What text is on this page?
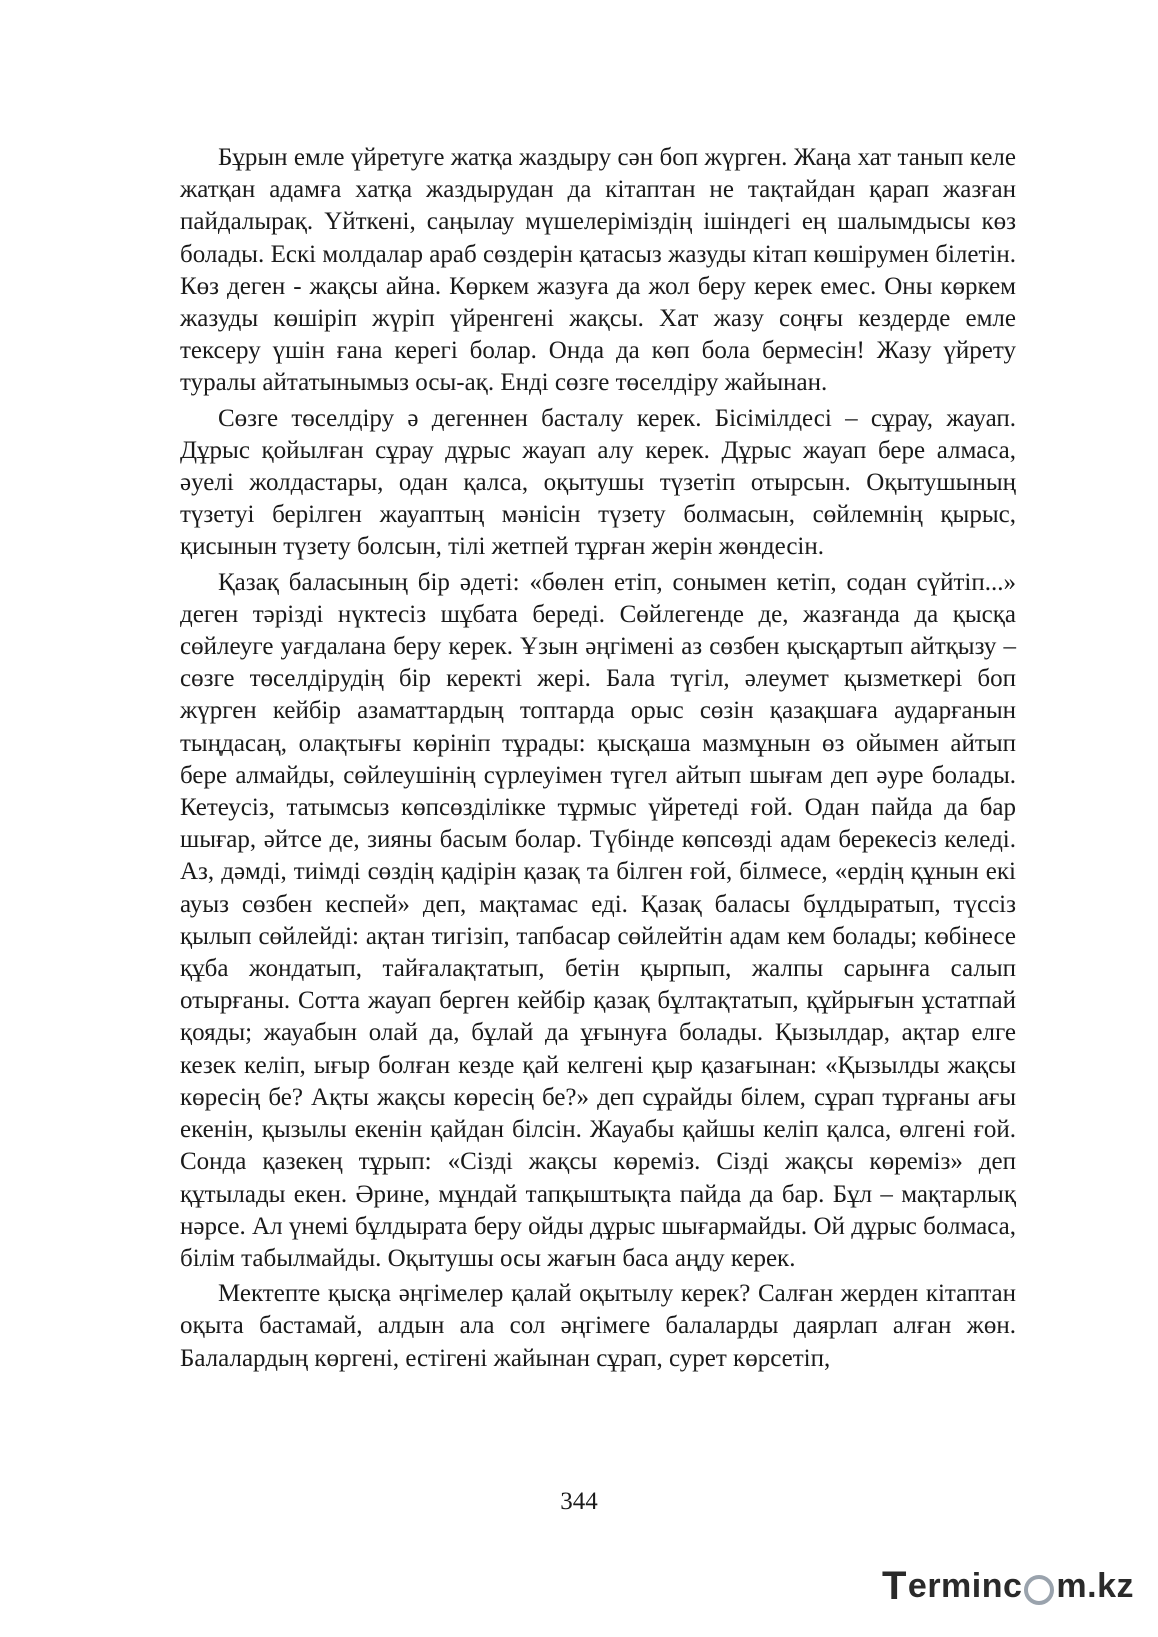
Бұрын емле үйретуге жатқа жаздыру сән боп жүрген. Жаңа хат танып келе жатқан адамға хатқа жаздырудан да кітаптан не тақтайдан қарап жазған пайдалырақ. Үйткені, саңылау мүшелеріміздің ішіндегі ең шалымдысы көз болады. Ескі молдалар араб сөздерін қатасыз жазуды кітап көшірумен білетін. Көз деген - жақсы айна. Көркем жазуға да жол беру керек емес. Оны көркем жазуды көшіріп жүріп үйренгені жақсы. Хат жазу соңғы кездерде емле тексеру үшін ғана керегі болар. Онда да көп бола бермесін! Жазу үйрету туралы айтатынымыз осы-ақ. Енді сөзге төселдіру жайынан.

Сөзге төселдіру ә дегеннен басталу керек. Бісімілдесі – сұрау, жауап. Дұрыс қойылған сұрау дұрыс жауап алу керек. Дұрыс жауап бере алмаса, әуелі жолдастары, одан қалса, оқытушы түзетіп отырсын. Оқытушының түзетуі берілген жауаптың мәнісін түзету болмасын, сөйлемнің қырыс, қисынын түзету болсын, тілі жетпей тұрған жерін жөндесін.

Қазақ баласының бір әдеті: «бөлен етіп, сонымен кетіп, содан сүйтіп...» деген тәрізді нүктесіз шұбата береді. Сөйлегенде де, жазғанда да қысқа сөйлеуге уағдалана беру керек. Ұзын әңгімені аз сөзбен қысқартып айтқызу – сөзге төселдірудің бір керекті жері. Бала түгіл, әлеумет қызметкері боп жүрген кейбір азаматтардың топтарда орыс сөзін қазақшаға аударғанын тыңдасаң, олақтығы көрініп тұрады: қысқаша мазмұнын өз ойымен айтып бере алмайды, сөйлеушінің сүрлеуімен түгел айтып шығам деп әуре болады. Кетеусіз, татымсыз көпсөзділікке тұрмыс үйретеді ғой. Одан пайда да бар шығар, әйтсе де, зияны басым болар. Түбінде көпсөзді адам берекесіз келеді. Аз, дәмді, тиімді сөздің қадірін қазақ та білген ғой, білмесе, «ердің құнын екі ауыз сөзбен кеспей» деп, мақтамас еді. Қазақ баласы бұлдыратып, түссіз қылып сөйлейді: ақтан тигізіп, тапбасар сөйлейтін адам кем болады; көбінесе құба жондатып, тайғалақтатып, бетін қырпып, жалпы сарынға салып отырғаны. Сотта жауап берген кейбір қазақ бұлтақтатып, құйрығын ұстатпай қояды; жауабын олай да, бұлай да ұғынуға болады. Қызылдар, ақтар елге кезек келіп, ығыр болған кезде қай келгені қыр қазағынан: «Қызылды жақсы көресің бе? Ақты жақсы көресің бе?» деп сұрайды білем, сұрап тұрғаны ағы екенін, қызылы екенін қайдан білсін. Жауабы қайшы келіп қалса, өлгені ғой. Сонда қазекең тұрып: «Сізді жақсы көреміз. Сізді жақсы көреміз» деп құтылады екен. Әрине, мұндай тапқыштықта пайда да бар. Бұл – мақтарлық нәрсе. Ал үнемі бұлдырата беру ойды дұрыс шығармайды. Ой дұрыс болмаса, білім табылмайды. Оқытушы осы жағын баса аңду керек.

Мектепте қысқа әңгімелер қалай оқытылу керек? Салған жерден кітаптан оқыта бастамай, алдын ала сол әңгімеге балаларды даярлап алған жөн. Балалардың көргені, естігені жайынан сұрап, сурет көрсетіп,

344
T erminc m.kz
